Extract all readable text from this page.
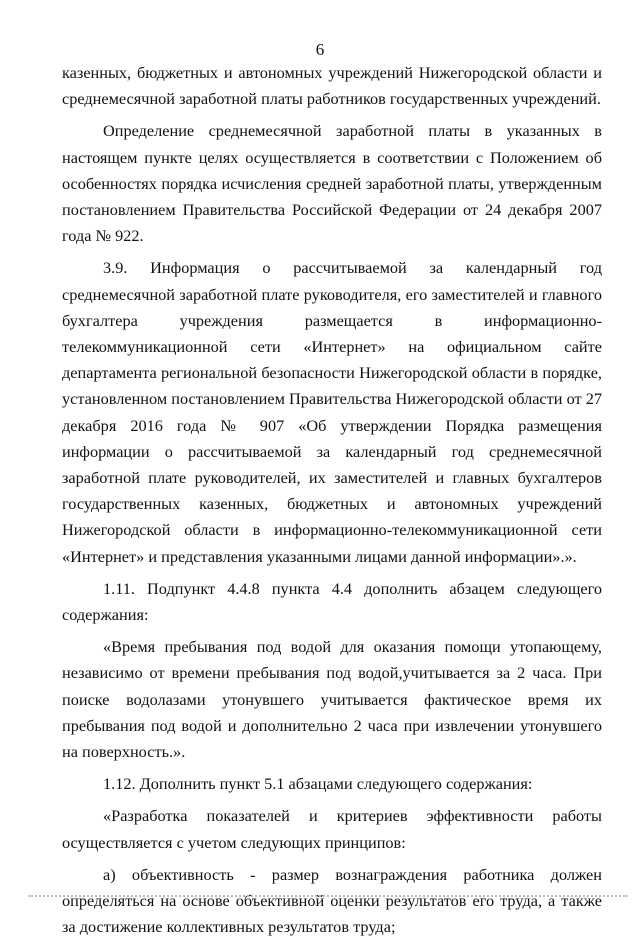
6

казенных, бюджетных и автономных учреждений Нижегородской области и среднемесячной заработной платы работников государственных учреждений.

Определение среднемесячной заработной платы в указанных в настоящем пункте целях осуществляется в соответствии с Положением об особенностях порядка исчисления средней заработной платы, утвержденным постановлением Правительства Российской Федерации от 24 декабря 2007 года № 922.

3.9. Информация о рассчитываемой за календарный год среднемесячной заработной плате руководителя, его заместителей и главного бухгалтера учреждения размещается в информационно-телекоммуникационной сети «Интернет» на официальном сайте департамента региональной безопасности Нижегородской области в порядке, установленном постановлением Правительства Нижегородской области от 27 декабря 2016 года № 907 «Об утверждении Порядка размещения информации о рассчитываемой за календарный год среднемесячной заработной плате руководителей, их заместителей и главных бухгалтеров государственных казенных, бюджетных и автономных учреждений Нижегородской области в информационно-телекоммуникационной сети «Интернет» и представления указанными лицами данной информации».».

1.11. Подпункт 4.4.8 пункта 4.4 дополнить абзацем следующего содержания:

«Время пребывания под водой для оказания помощи утопающему, независимо от времени пребывания под водой,учитывается за 2 часа. При поиске водолазами утонувшего учитывается фактическое время их пребывания под водой и дополнительно 2 часа при извлечении утонувшего на поверхность.».

1.12. Дополнить пункт 5.1 абзацами следующего содержания:

«Разработка показателей и критериев эффективности работы осуществляется с учетом следующих принципов:

а) объективность - размер вознаграждения работника должен определяться на основе объективной оценки результатов его труда, а также за достижение коллективных результатов труда;
